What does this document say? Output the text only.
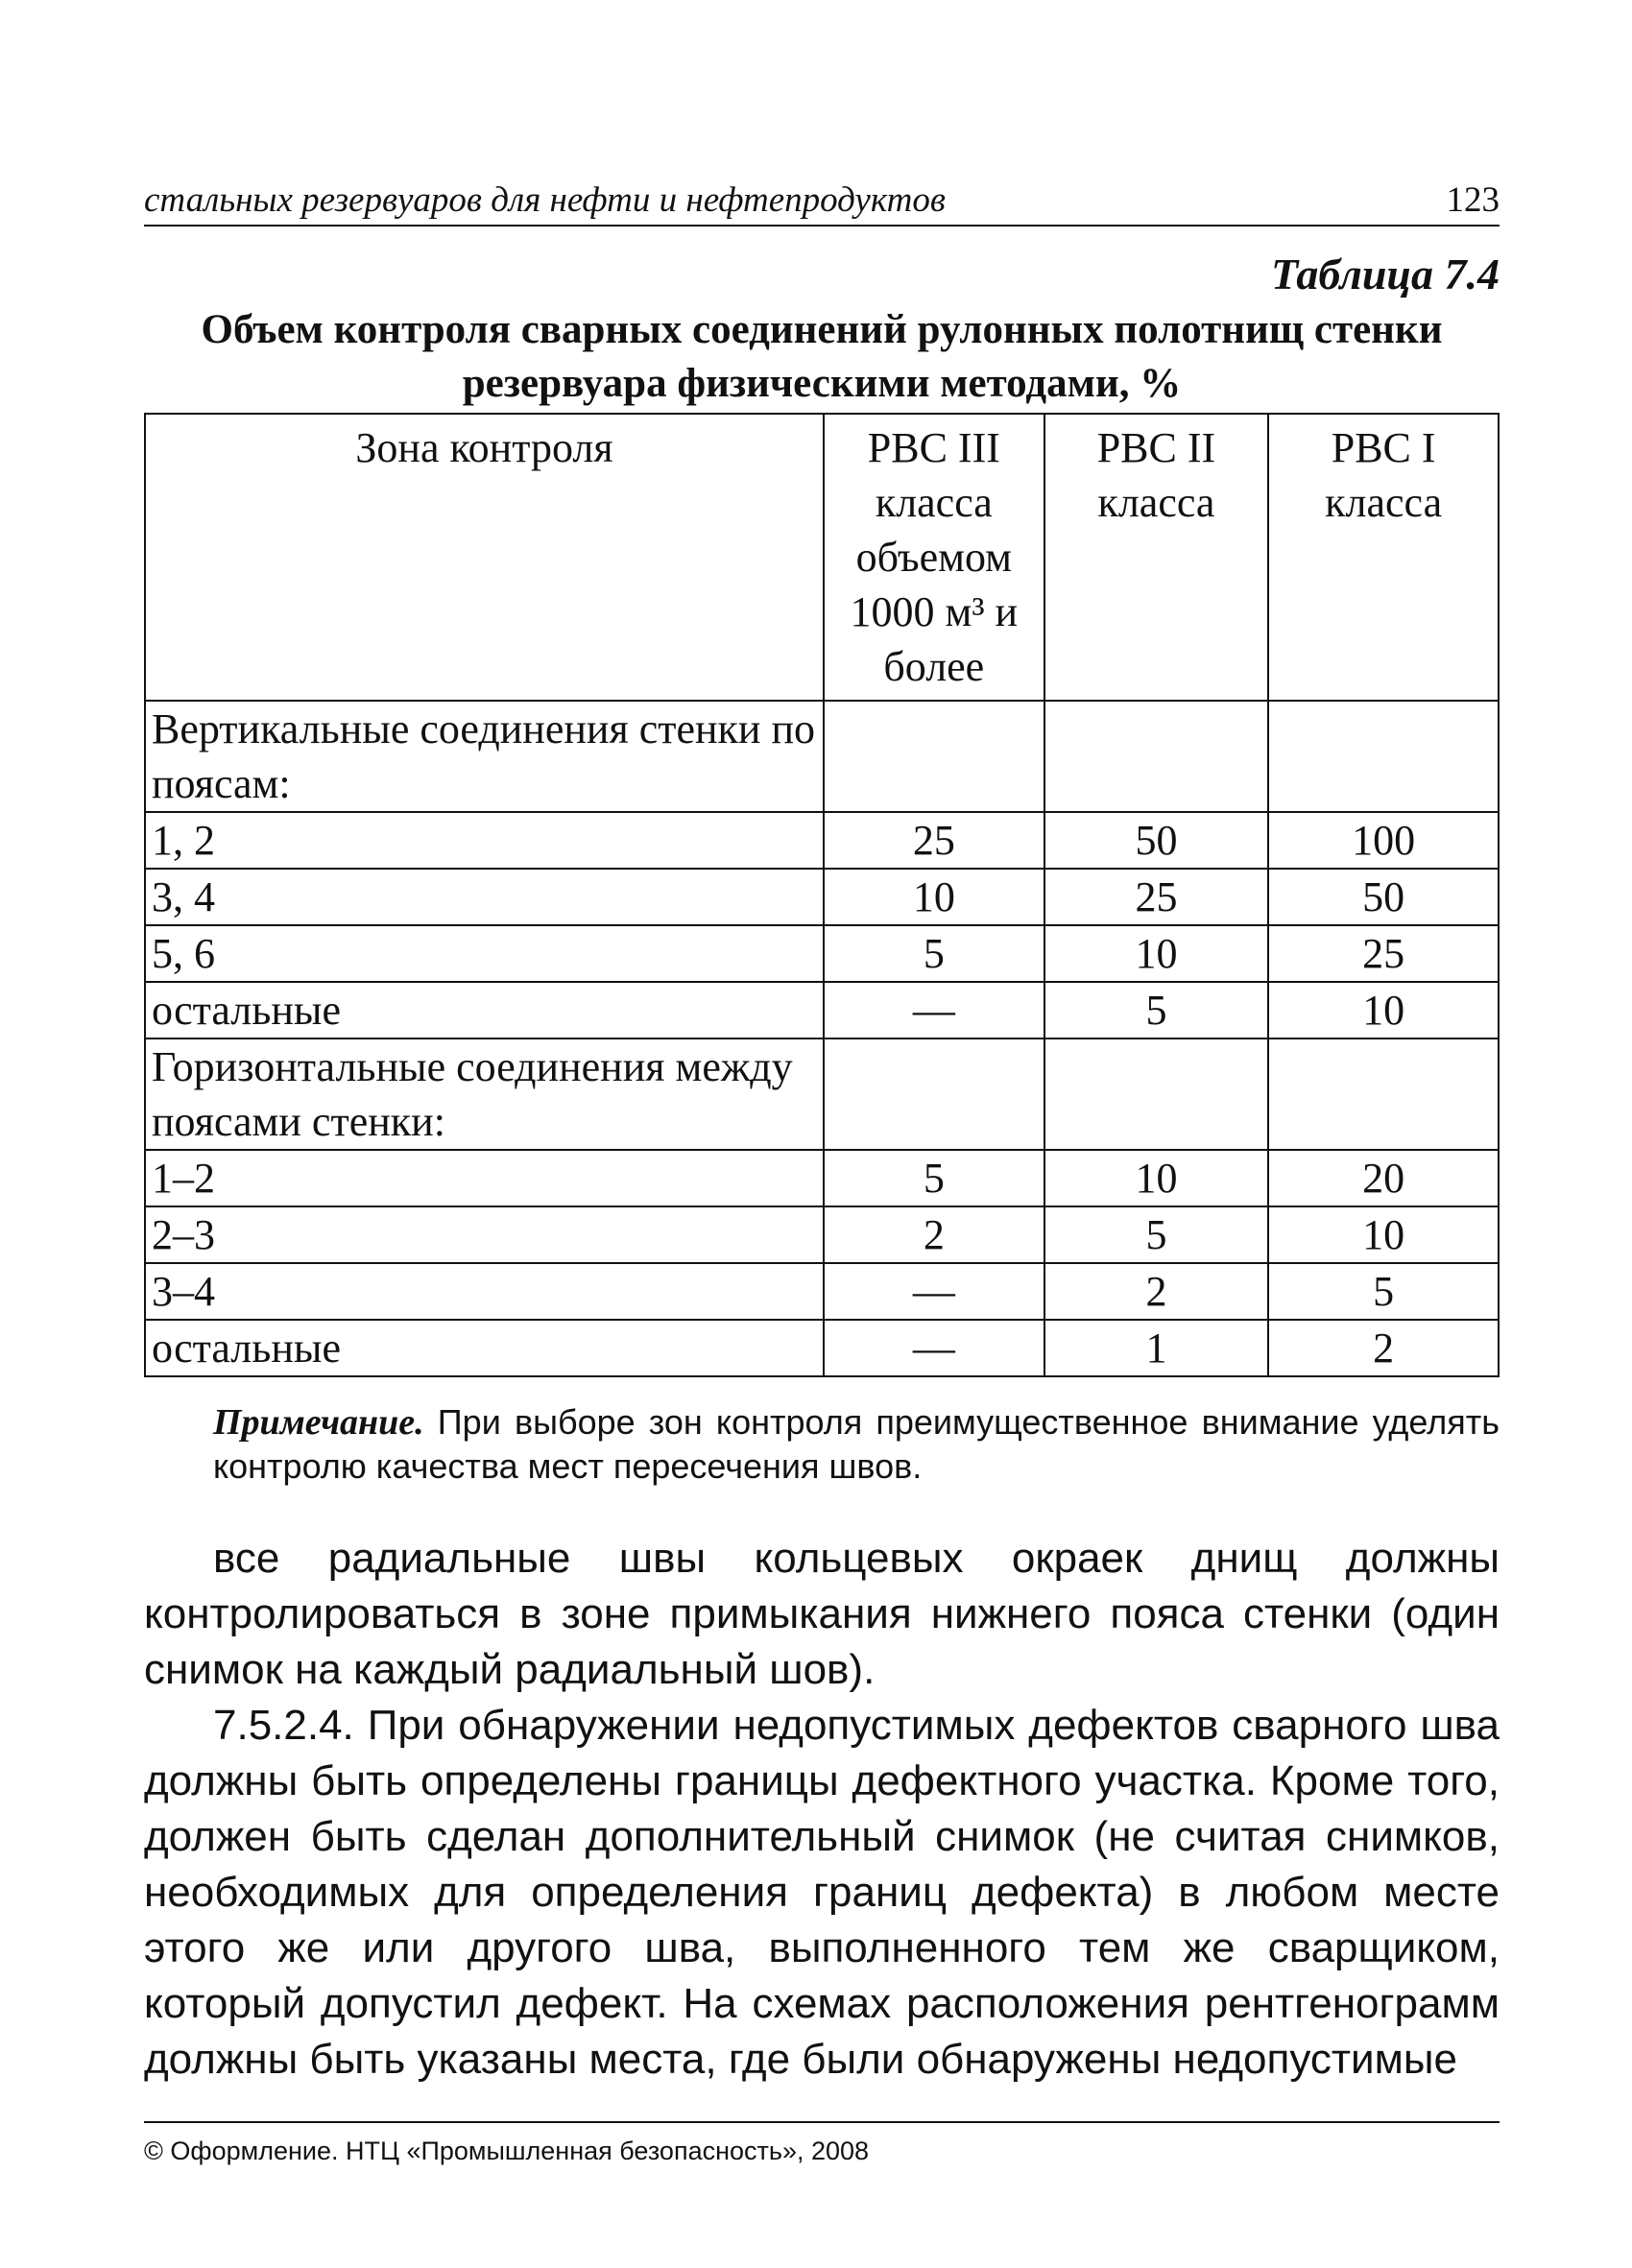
стальных резервуаров для нефти и нефтепродуктов	123
Таблица 7.4
Объем контроля сварных соединений рулонных полотнищ стенки резервуара физическими методами, %
Зона контроля	РВС III класса объемом 1000 м³ и более	РВС II класса	РВС I класса
Вертикальные соединения стенки по поясам:			
1, 2	25	50	100
3, 4	10	25	50
5, 6	5	10	25
остальные	—	5	10
Горизонтальные соединения между поясами стенки:			
1–2	5	10	20
2–3	2	5	10
3–4	—	2	5
остальные	—	1	2
Примечание. При выборе зон контроля преимущественное внимание уделять контролю качества мест пересечения швов.

все радиальные швы кольцевых окраек днищ должны контролироваться в зоне примыкания нижнего пояса стенки (один снимок на каждый радиальный шов).

7.5.2.4. При обнаружении недопустимых дефектов сварного шва должны быть определены границы дефектного участка. Кроме того, должен быть сделан дополнительный снимок (не считая снимков, необходимых для определения границ дефекта) в любом месте этого же или другого шва, выполненного тем же сварщиком, который допустил дефект. На схемах расположения рентгенограмм должны быть указаны места, где были обнаружены недопустимые

© Оформление. НТЦ «Промышленная безопасность», 2008
